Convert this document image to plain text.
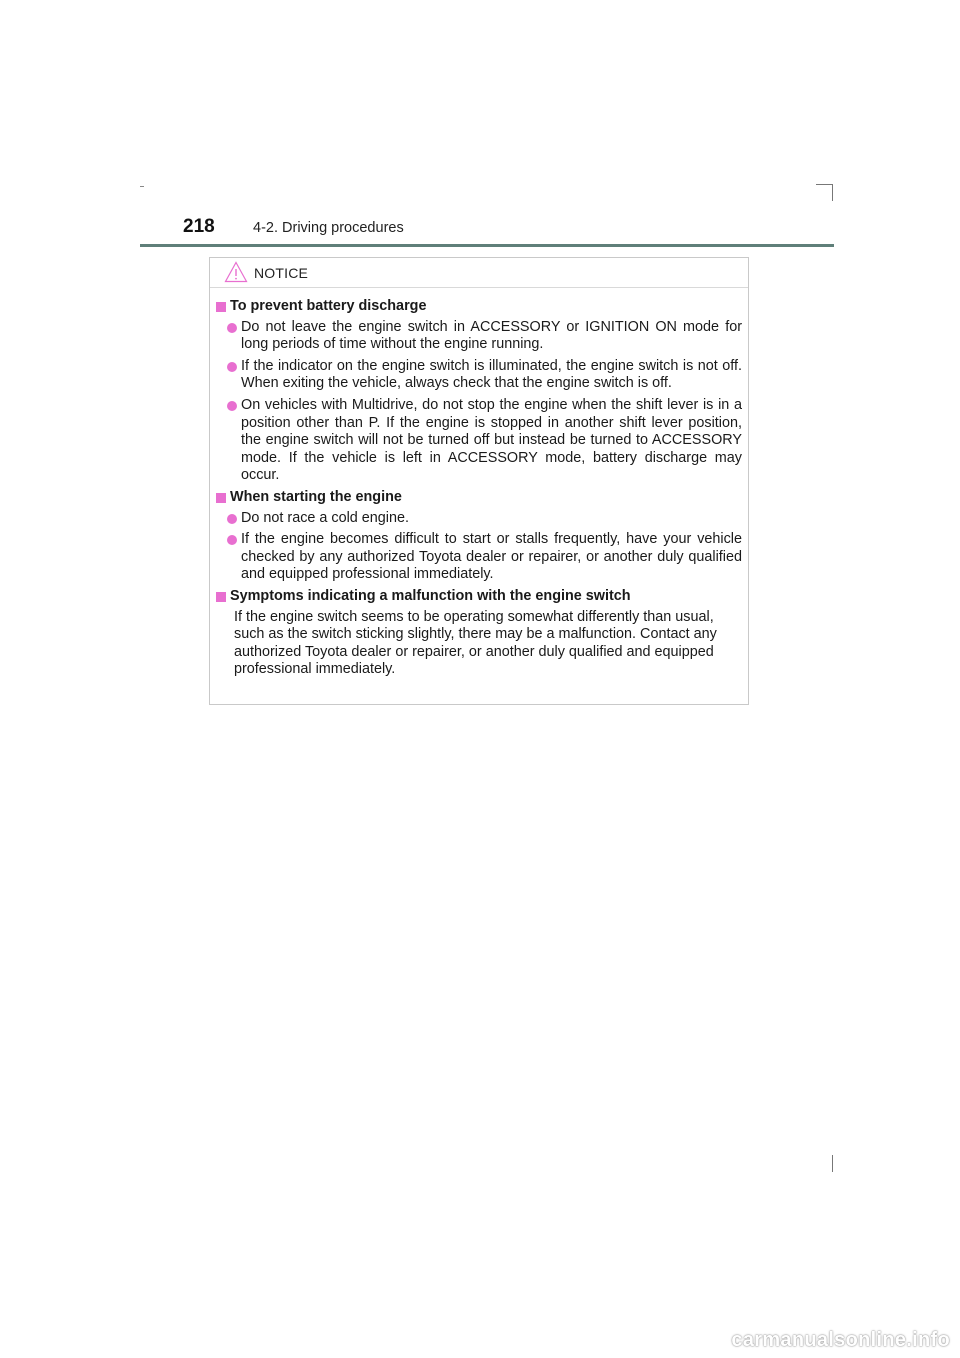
218	4-2. Driving procedures
NOTICE
To prevent battery discharge
Do not leave the engine switch in ACCESSORY or IGNITION ON mode for long periods of time without the engine running.
If the indicator on the engine switch is illuminated, the engine switch is not off. When exiting the vehicle, always check that the engine switch is off.
On vehicles with Multidrive, do not stop the engine when the shift lever is in a position other than P. If the engine is stopped in another shift lever position, the engine switch will not be turned off but instead be turned to ACCESSORY mode. If the vehicle is left in ACCESSORY mode, battery discharge may occur.
When starting the engine
Do not race a cold engine.
If the engine becomes difficult to start or stalls frequently, have your vehicle checked by any authorized Toyota dealer or repairer, or another duly qualified and equipped professional immediately.
Symptoms indicating a malfunction with the engine switch
If the engine switch seems to be operating somewhat differently than usual, such as the switch sticking slightly, there may be a malfunction. Contact any authorized Toyota dealer or repairer, or another duly qualified and equipped professional immediately.
carmanualsonline.info
